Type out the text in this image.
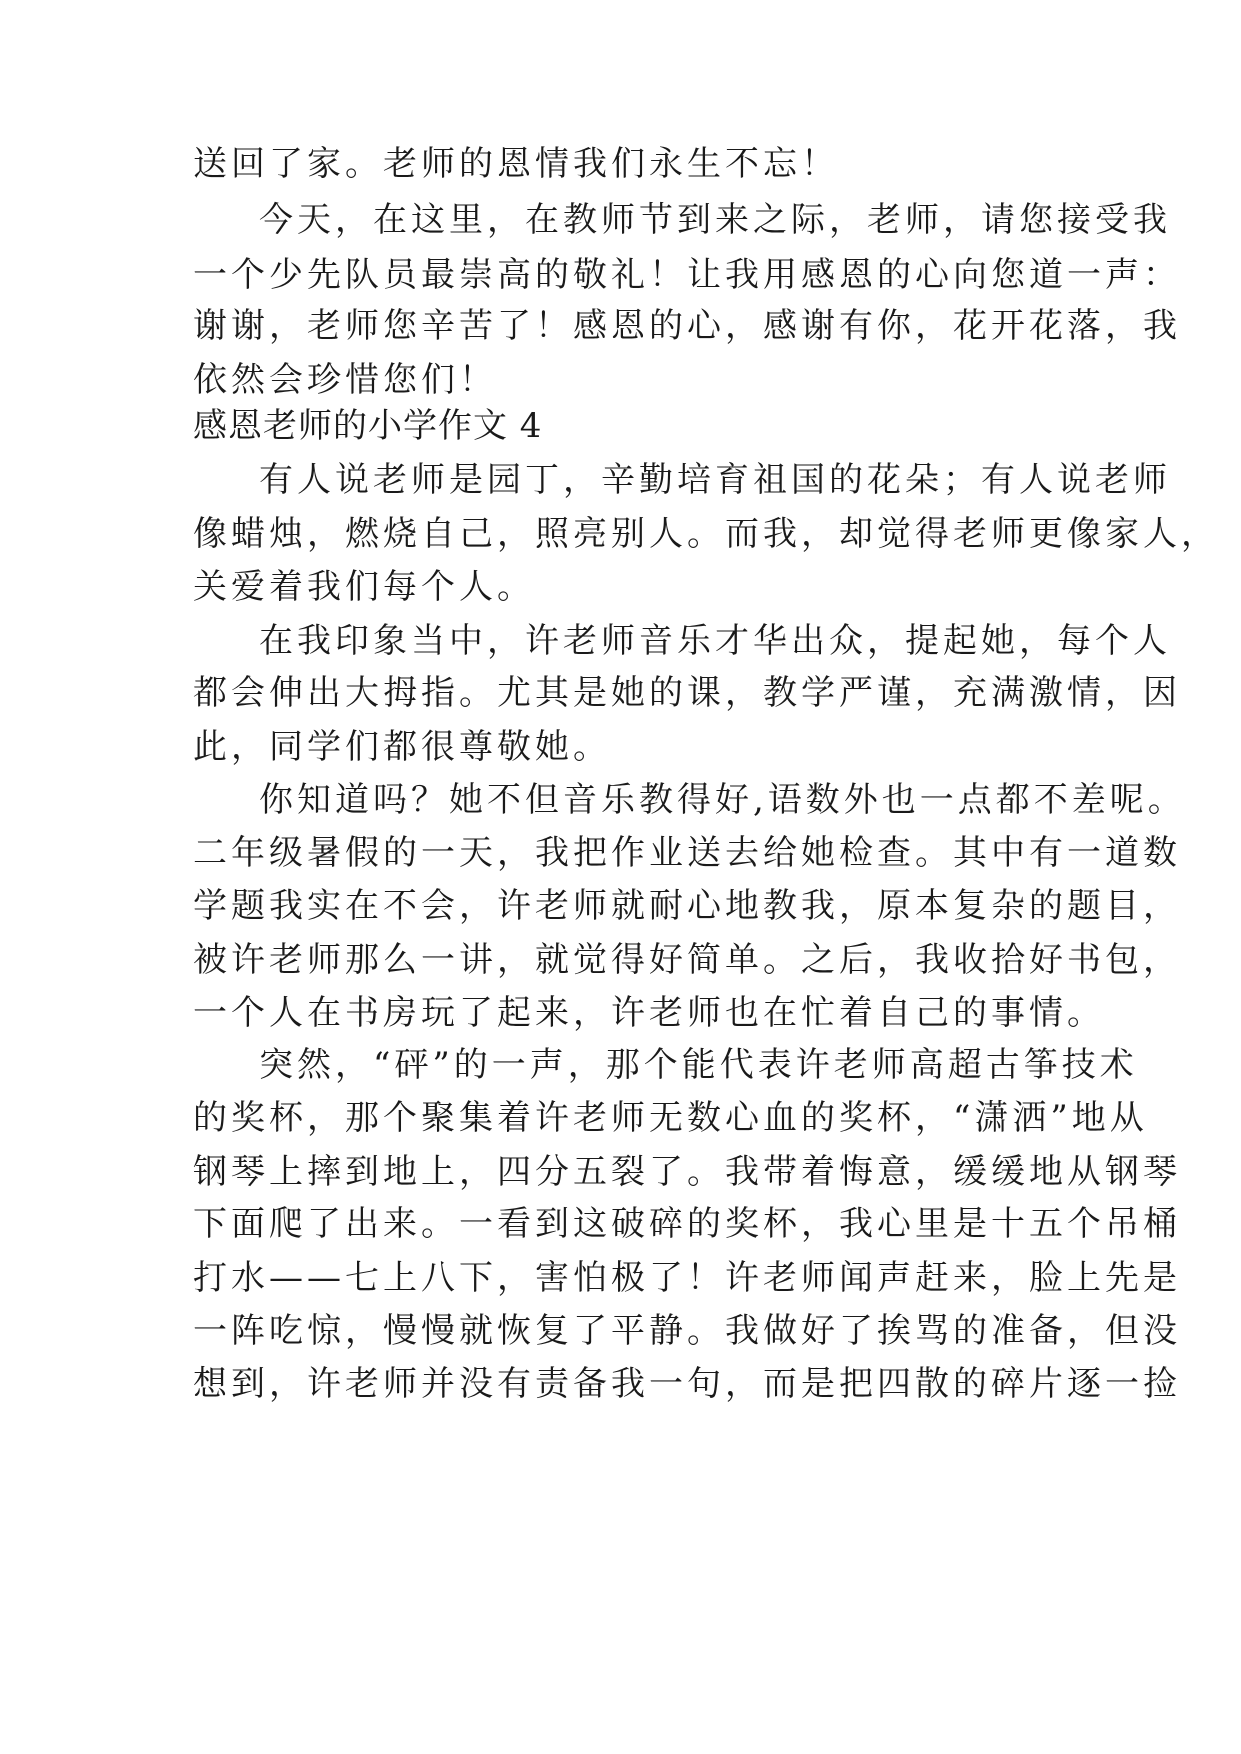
送回了家。老师的恩情我们永生不忘！
今天，在这里，在教师节到来之际，老师，请您接受我
一个少先队员最崇高的敬礼！让我用感恩的心向您道一声：
谢谢，老师您辛苦了！感恩的心，感谢有你，花开花落，我
依然会珍惜您们！
感恩老师的小学作文 4
有人说老师是园丁，辛勤培育祖国的花朵；有人说老师
像蜡烛，燃烧自己，照亮别人。而我，却觉得老师更像家人，
关爱着我们每个人。
在我印象当中，许老师音乐才华出众，提起她，每个人
都会伸出大拇指。尤其是她的课，教学严谨，充满激情，因
此，同学们都很尊敬她。
你知道吗？她不但音乐教得好,语数外也一点都不差呢。
二年级暑假的一天，我把作业送去给她检查。其中有一道数
学题我实在不会，许老师就耐心地教我，原本复杂的题目，
被许老师那么一讲，就觉得好简单。之后，我收拾好书包，
一个人在书房玩了起来，许老师也在忙着自己的事情。
突然，“砰”的一声，那个能代表许老师高超古筝技术
的奖杯，那个聚集着许老师无数心血的奖杯，“潇洒”地从
钢琴上摔到地上，四分五裂了。我带着悔意，缓缓地从钢琴
下面爬了出来。一看到这破碎的奖杯，我心里是十五个吊桶
打水——七上八下，害怕极了！许老师闻声赶来，脸上先是
一阵吃惊，慢慢就恢复了平静。我做好了挨骂的准备，但没
想到，许老师并没有责备我一句，而是把四散的碎片逐一捡
